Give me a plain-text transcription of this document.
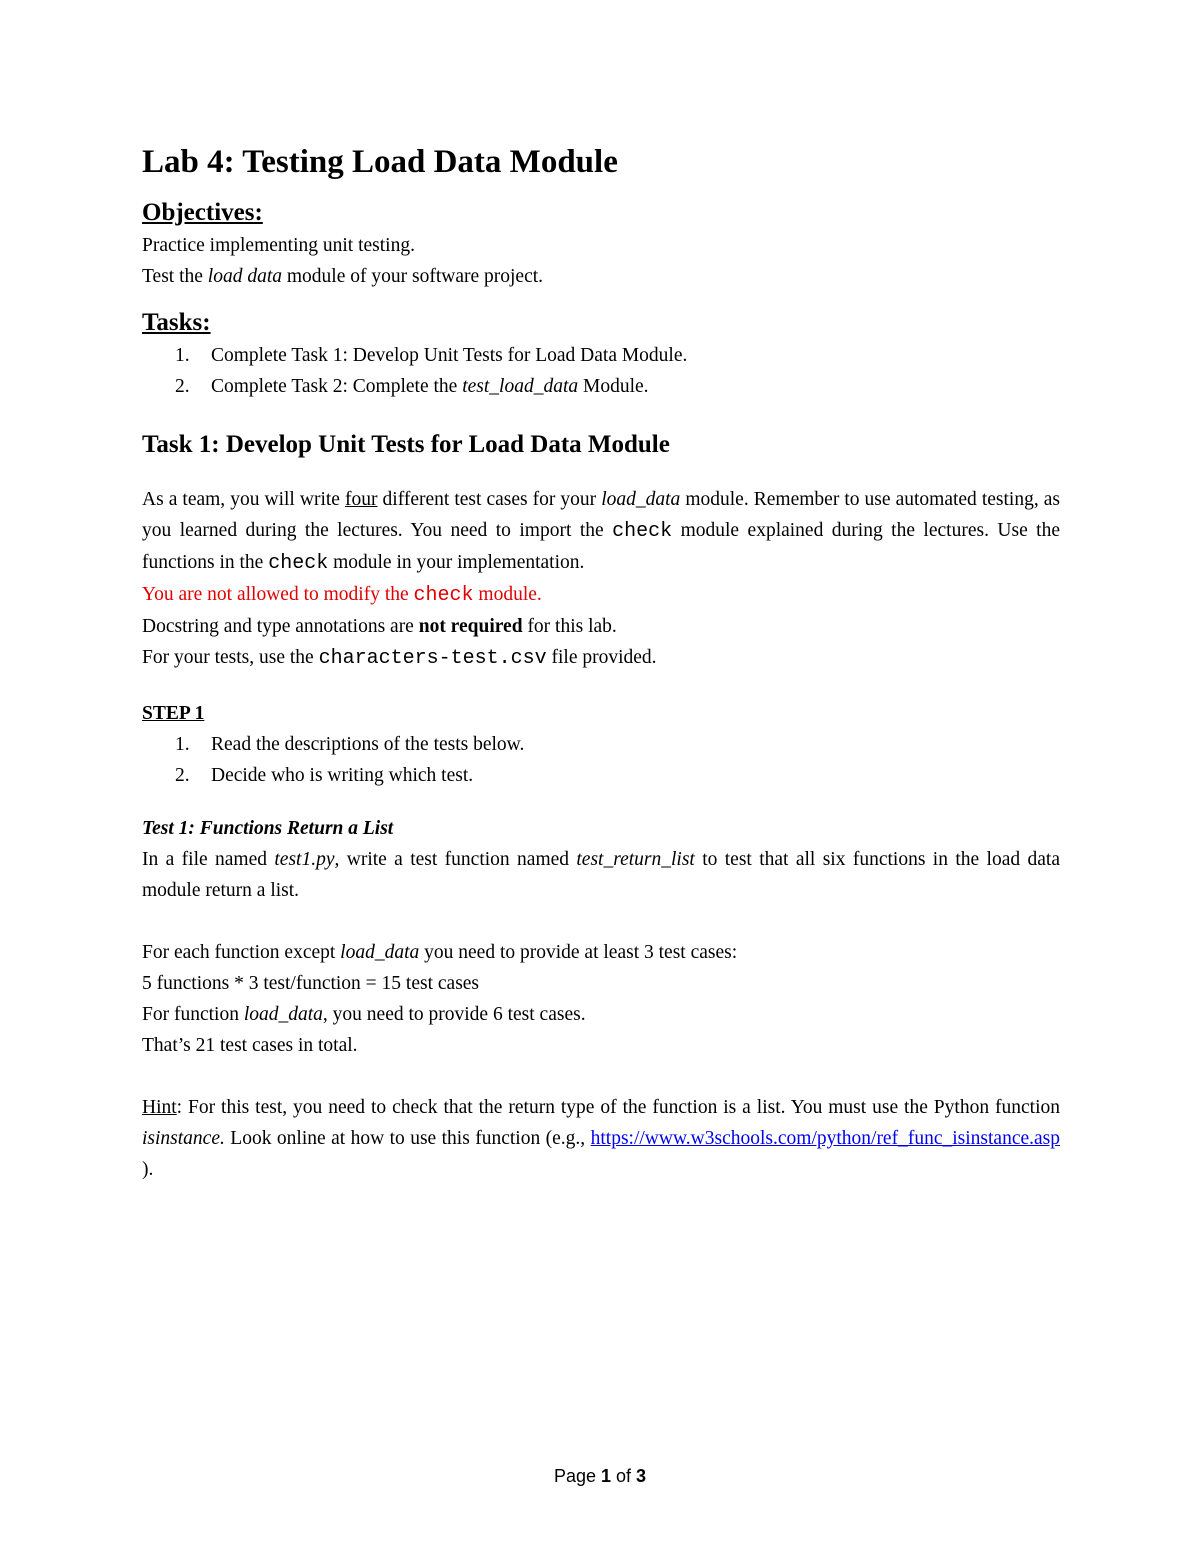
Lab 4: Testing Load Data Module
Objectives:

Practice implementing unit testing.

Test the load data module of your software project.

Tasks:
1. Complete Task 1: Develop Unit Tests for Load Data Module.
2. Complete Task 2: Complete the test_load_data Module.
Task 1: Develop Unit Tests for Load Data Module

As a team, you will write four different test cases for your load_data module. Remember to use automated testing, as you learned during the lectures. You need to import the check module explained during the lectures. Use the functions in the check module in your implementation.

You are not allowed to modify the check module.

Docstring and type annotations are not required for this lab.

For your tests, use the characters-test.csv file provided.

STEP 1
1. Read the descriptions of the tests below.
2. Decide who is writing which test.
Test 1: Functions Return a List

In a file named test1.py, write a test function named test_return_list to test that all six functions in the load data module return a list.

For each function except load_data you need to provide at least 3 test cases:

5 functions * 3 test/function = 15 test cases

For function load_data, you need to provide 6 test cases.

That’s 21 test cases in total.

Hint: For this test, you need to check that the return type of the function is a list. You must use the Python function isinstance. Look online at how to use this function (e.g., https://www.w3schools.com/python/ref_func_isinstance.asp ).

Page 1 of 3
